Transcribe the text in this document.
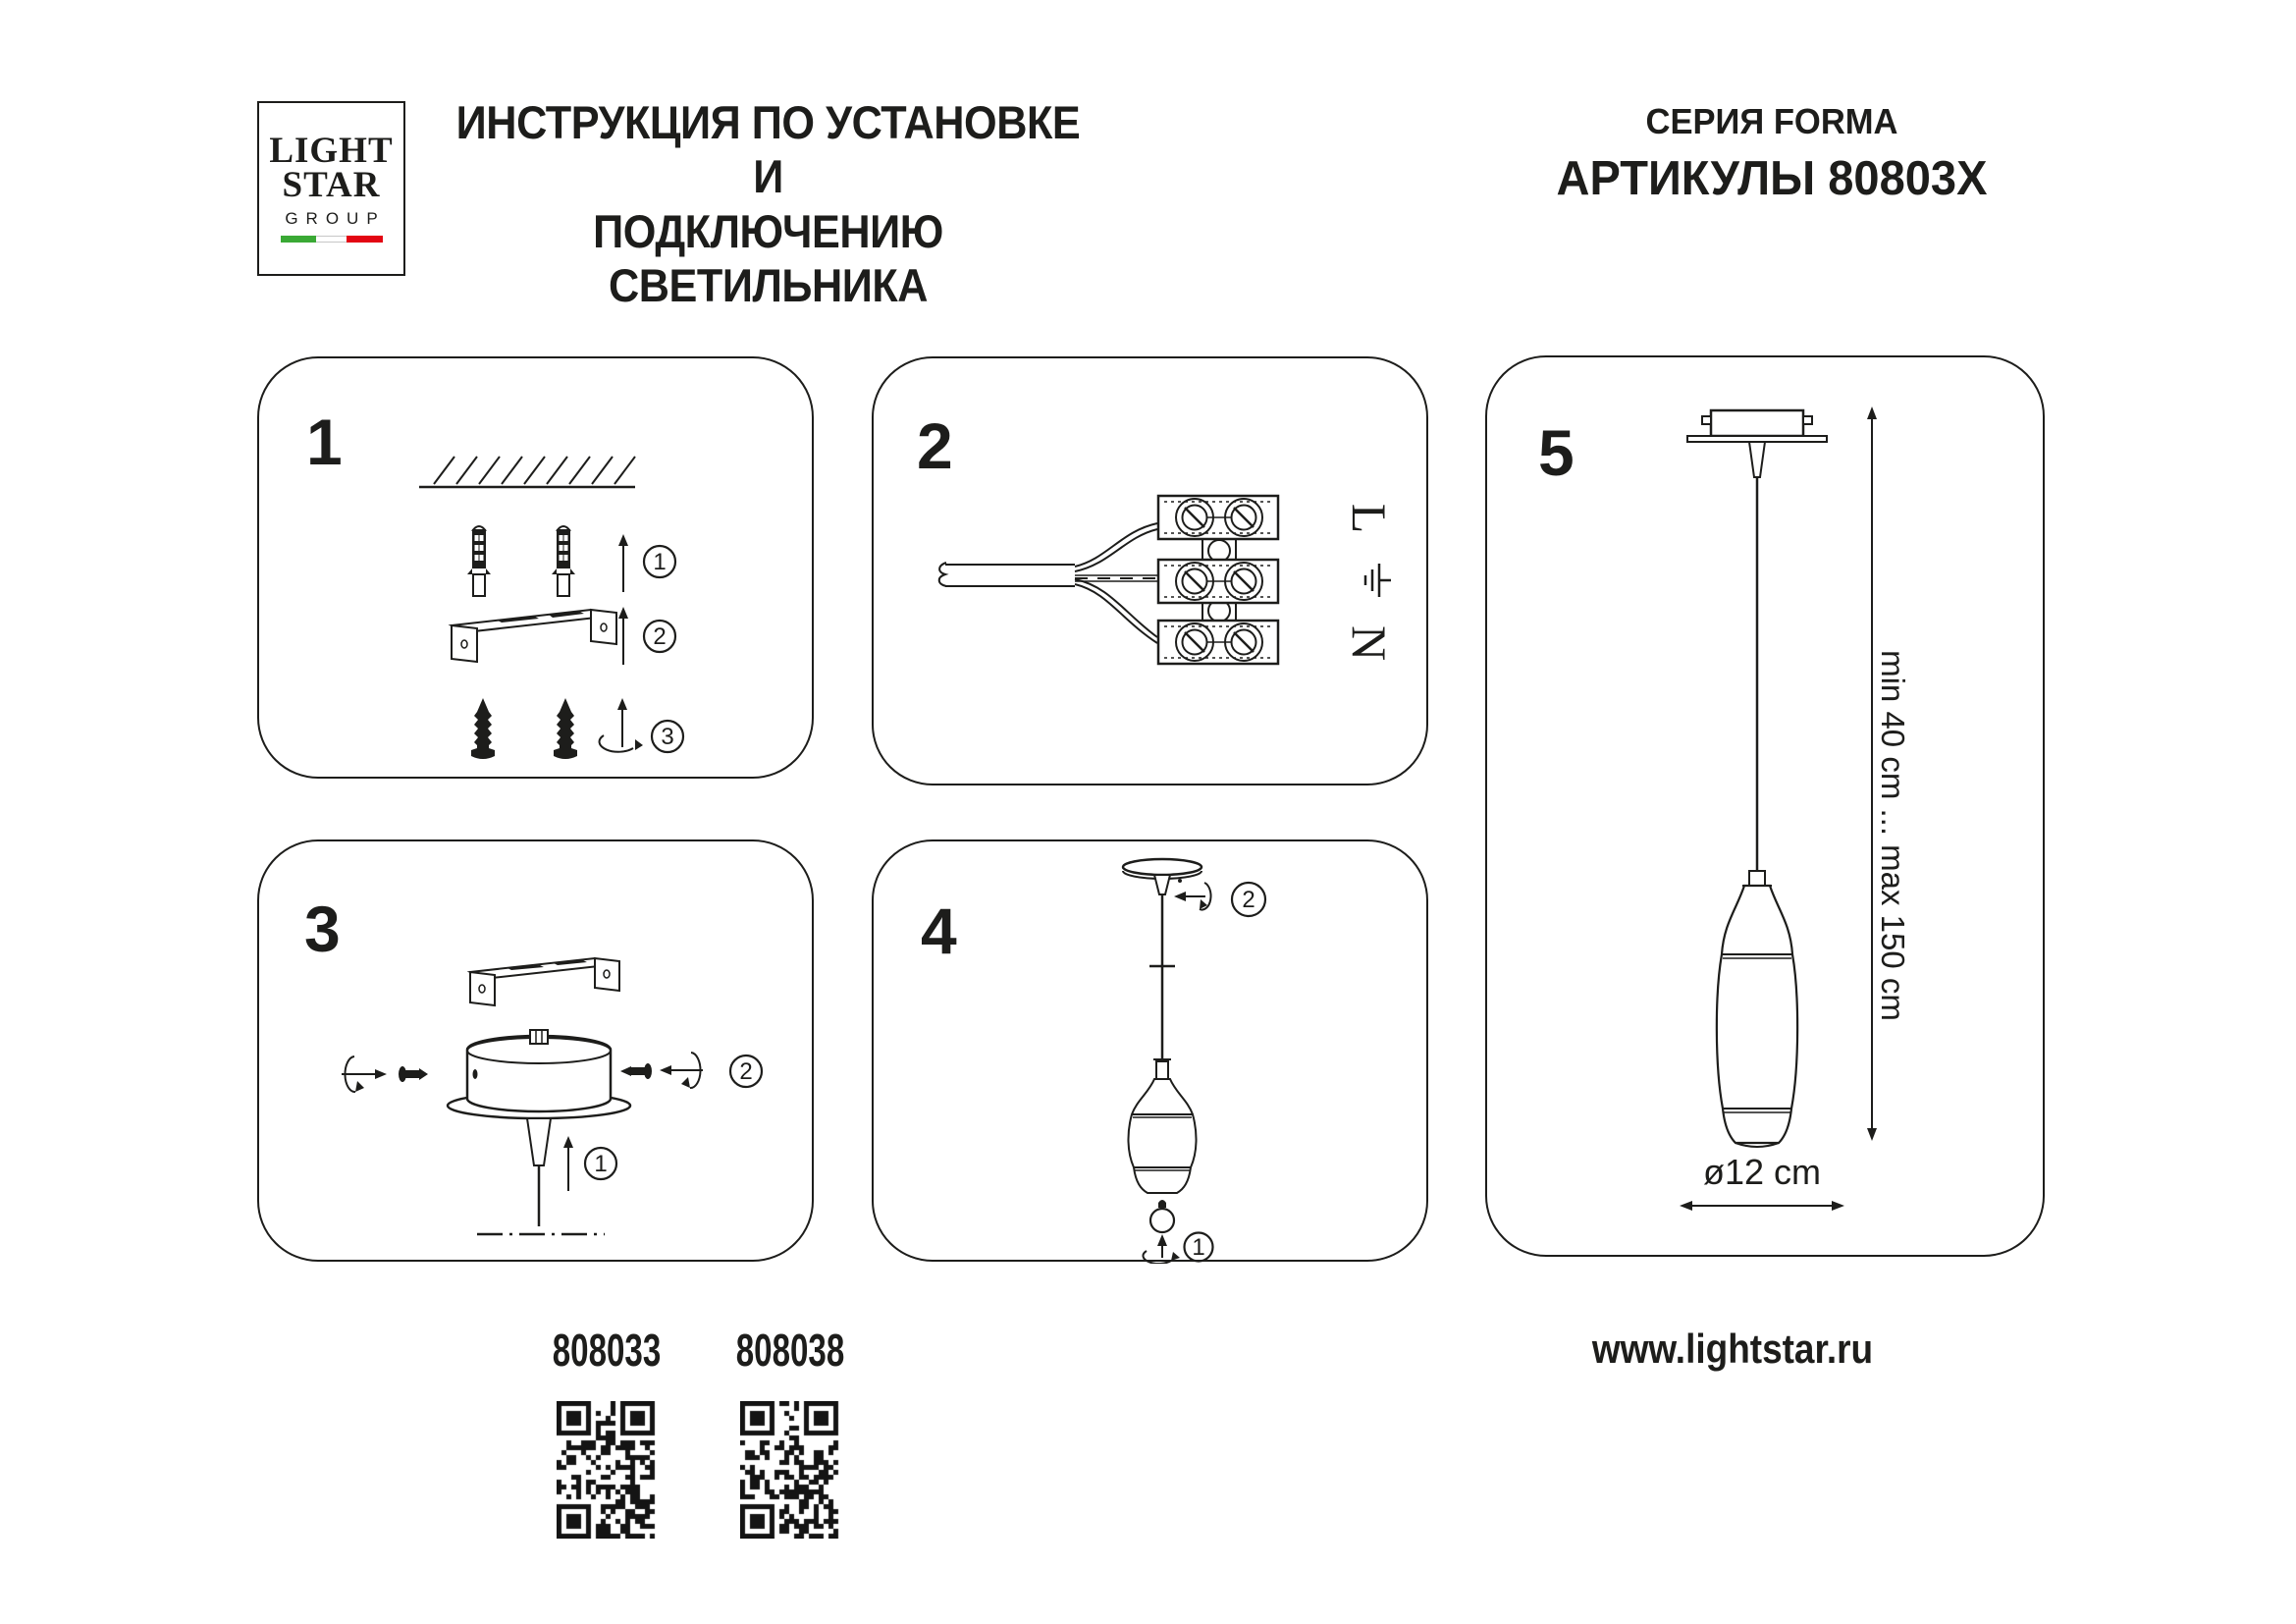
LIGHT
STAR
GROUP
ИНСТРУКЦИЯ ПО УСТАНОВКЕ И
ПОДКЛЮЧЕНИЮ СВЕТИЛЬНИКА
СЕРИЯ FORMA
АРТИКУЛЫ 80803X
1
1
2
3
2
L
N
3
2
1
4	2
1
5
min 40 cm ... max 150 cm
ø12 cm
808033 808038	www.lightstar.ru
